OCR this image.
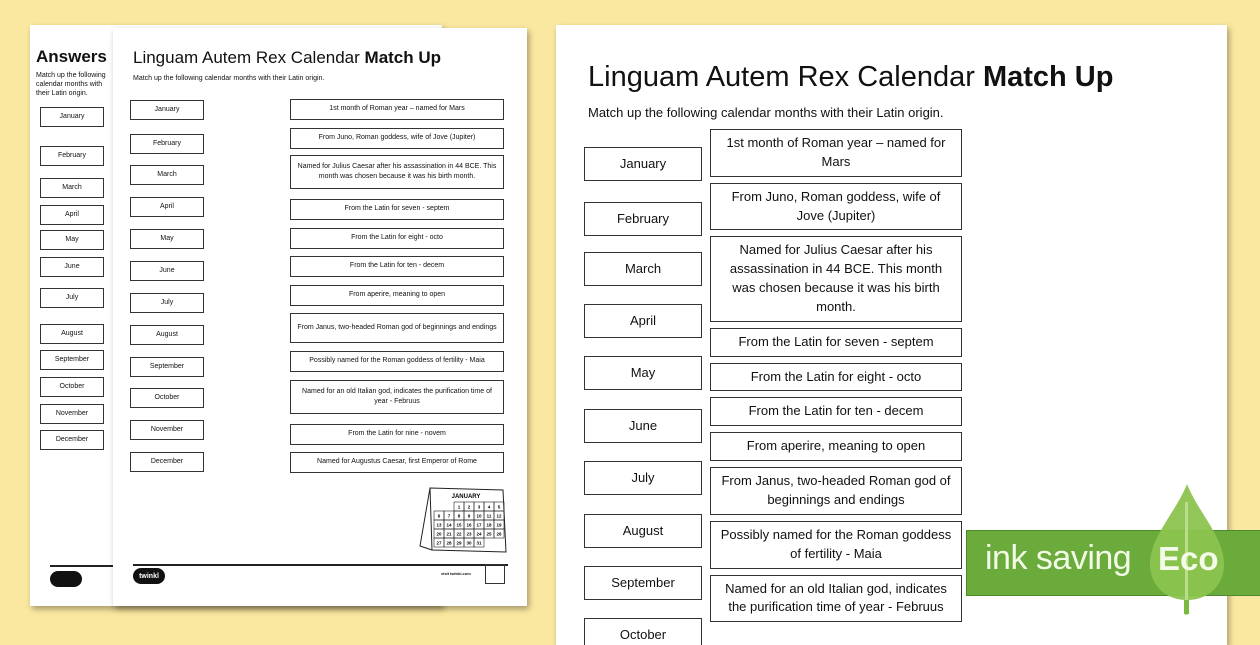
Answers
Match up the following calendar months with their Latin origin.
January
February
March
April
May
June
July
August
September
October
November
December
Linguam Autem Rex Calendar Match Up
Match up the following calendar months with their Latin origin.
JANUARY
1 2 3 4 5
6 7 8 9 10 11 12
13 14 15 16 17 18 19
20 21 22 23 24 25 26
27 28 29 30 31
twinkl	visit twinkl.com
January
February
March
April
May
June
July
August
September
October
November
December
1st month of Roman year – named for Mars
From Juno, Roman goddess, wife of Jove (Jupiter)
Named for Julius Caesar after his assassination in 44 BCE. This month was chosen because it was his birth month.
From the Latin for seven - septem
From the Latin for eight - octo
From the Latin for ten - decem
From aperire, meaning to open
From Janus, two-headed Roman god of beginnings and endings
Possibly named for the Roman goddess of fertility - Maia
Named for an old Italian god, indicates the purification time of year - Februus
From the Latin for nine - novem
Named for Augustus Caesar, first Emperor of Rome
Linguam Autem Rex Calendar Match Up
Match up the following calendar months with their Latin origin.
1st month of Roman year – named for Mars
From Juno, Roman goddess, wife of Jove (Jupiter)
Named for Julius Caesar after his assassination in 44 BCE. This month was chosen because it was his birth month.
From the Latin for seven - septem
From the Latin for eight - octo
From the Latin for ten - decem
From aperire, meaning to open
From Janus, two-headed Roman god of beginnings and endings
Possibly named for the Roman goddess of fertility - Maia
Named for an old Italian god, indicates the purification time of year - Februus
January
February
March
April
May
June
July
August
September
October
ink saving Eco
